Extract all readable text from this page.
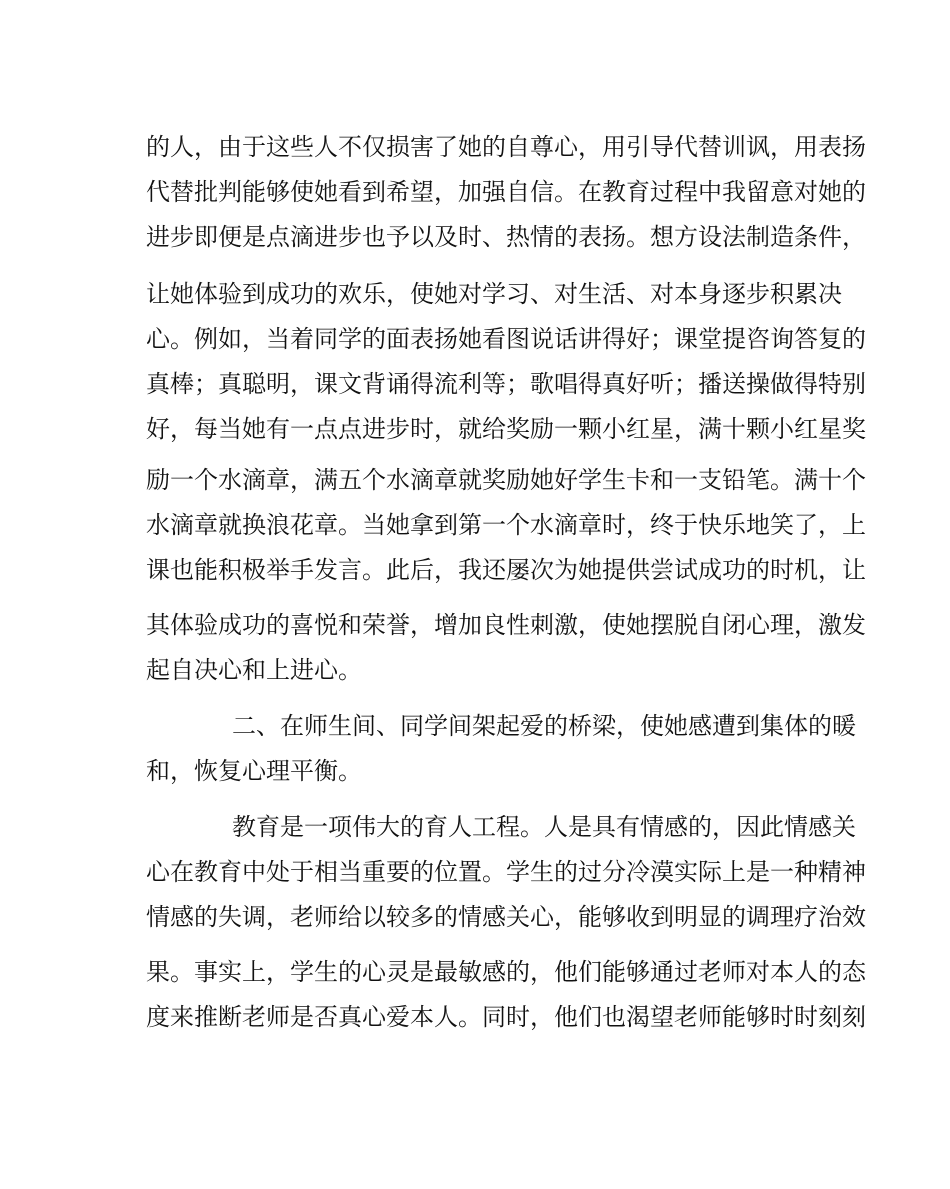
的人，由于这些人不仅损害了她的自尊心，用引导代替训讽，用表扬
代替批判能够使她看到希望，加强自信。在教育过程中我留意对她的
进步即便是点滴进步也予以及时、热情的表扬。想方设法制造条件，
让她体验到成功的欢乐，使她对学习、对生活、对本身逐步积累决
心。例如，当着同学的面表扬她看图说话讲得好；课堂提咨询答复的
真棒；真聪明，课文背诵得流利等；歌唱得真好听；播送操做得特别
好，每当她有一点点进步时，就给奖励一颗小红星，满十颗小红星奖
励一个水滴章，满五个水滴章就奖励她好学生卡和一支铅笔。满十个
水滴章就换浪花章。当她拿到第一个水滴章时，终于快乐地笑了，上
课也能积极举手发言。此后，我还屡次为她提供尝试成功的时机，让
其体验成功的喜悦和荣誉，增加良性刺激，使她摆脱自闭心理，激发
起自决心和上进心。
二、在师生间、同学间架起爱的桥梁，使她感遭到集体的暖
和，恢复心理平衡。
教育是一项伟大的育人工程。人是具有情感的，因此情感关
心在教育中处于相当重要的位置。学生的过分冷漠实际上是一种精神
情感的失调，老师给以较多的情感关心，能够收到明显的调理疗治效
果。事实上，学生的心灵是最敏感的，他们能够通过老师对本人的态
度来推断老师是否真心爱本人。同时，他们也渴望老师能够时时刻刻
